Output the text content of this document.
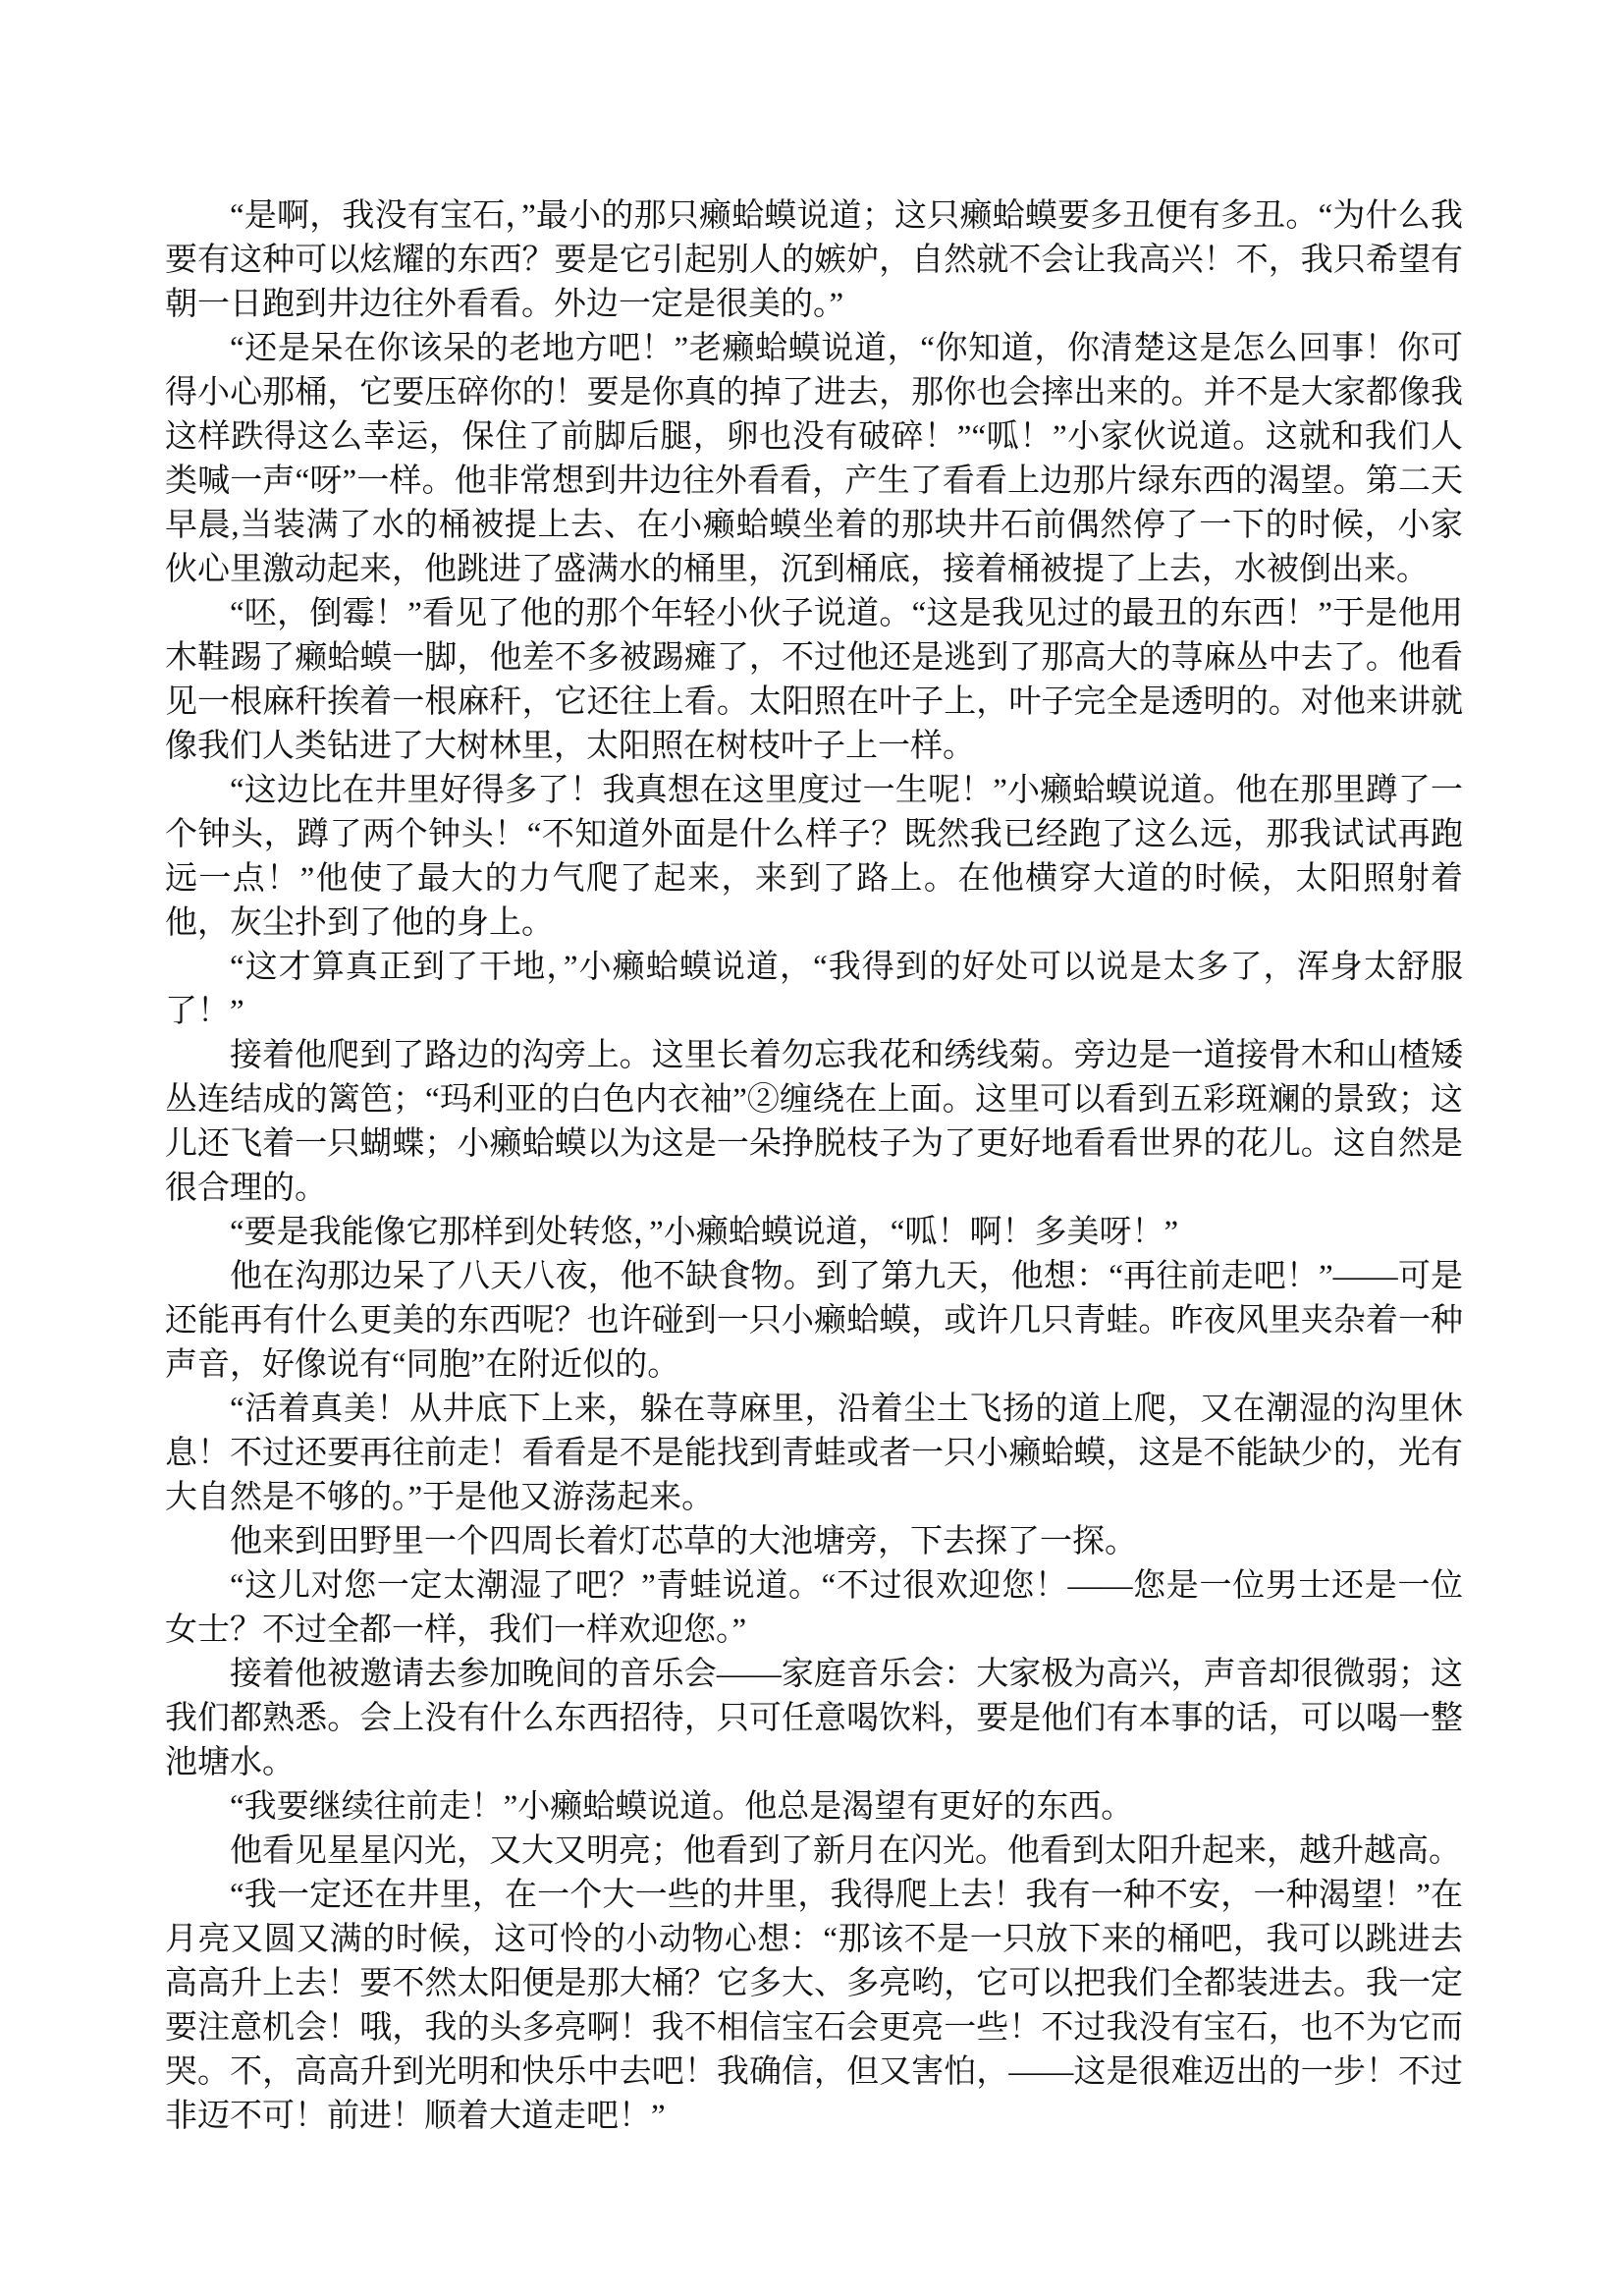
“是啊，我没有宝石，”最小的那只癞蛤蟆说道；这只癞蛤蟆要多丑便有多丑。“为什么我要有这种可以炫耀的东西？要是它引起别人的嫉妒，自然就不会让我高兴！不，我只希望有朝一日跑到井边往外看看。外边一定是很美的。”

“还是呆在你该呆的老地方吧！”老癞蛤蟆说道，“你知道，你清楚这是怎么回事！你可得小心那桶，它要压碎你的！要是你真的掉了进去，那你也会摔出来的。并不是大家都像我这样跌得这么幸运，保住了前脚后腿，卵也没有破碎！”“呱！”小家伙说道。这就和我们人类喊一声“呀”一样。他非常想到井边往外看看，产生了看看上边那片绿东西的渴望。第二天早晨,当装满了水的桶被提上去、在小癞蛤蟆坐着的那块井石前偶然停了一下的时候，小家伙心里激动起来，他跳进了盛满水的桶里，沉到桶底，接着桶被提了上去，水被倒出来。

“呸，倒霉！”看见了他的那个年轻小伙子说道。“这是我见过的最丑的东西！”于是他用木鞋踢了癞蛤蟆一脚，他差不多被踢瘫了，不过他还是逃到了那高大的荨麻丛中去了。他看见一根麻秆挨着一根麻秆，它还往上看。太阳照在叶子上，叶子完全是透明的。对他来讲就像我们人类钻进了大树林里，太阳照在树枝叶子上一样。

“这边比在井里好得多了！我真想在这里度过一生呢！”小癞蛤蟆说道。他在那里蹲了一个钟头，蹲了两个钟头！“不知道外面是什么样子？既然我已经跑了这么远，那我试试再跑远一点！”他使了最大的力气爬了起来，来到了路上。在他横穿大道的时候，太阳照射着他，灰尘扑到了他的身上。

“这才算真正到了干地，”小癞蛤蟆说道，“我得到的好处可以说是太多了，浑身太舒服了！”

接着他爬到了路边的沟旁上。这里长着勿忘我花和绣线菊。旁边是一道接骨木和山楂矮丛连结成的篱笆；“玛利亚的白色内衣袖”②缠绕在上面。这里可以看到五彩斑斓的景致；这儿还飞着一只蝴蝶；小癞蛤蟆以为这是一朵挣脱枝子为了更好地看看世界的花儿。这自然是很合理的。

“要是我能像它那样到处转悠，”小癞蛤蟆说道，“呱！啊！多美呀！”

他在沟那边呆了八天八夜，他不缺食物。到了第九天，他想：“再往前走吧！”——可是还能再有什么更美的东西呢？也许碰到一只小癞蛤蟆，或许几只青蛙。昨夜风里夹杂着一种声音，好像说有“同胞”在附近似的。

“活着真美！从井底下上来，躲在荨麻里，沿着尘土飞扬的道上爬，又在潮湿的沟里休息！不过还要再往前走！看看是不是能找到青蛙或者一只小癞蛤蟆，这是不能缺少的，光有大自然是不够的。”于是他又游荡起来。

他来到田野里一个四周长着灯芯草的大池塘旁，下去探了一探。

“这儿对您一定太潮湿了吧？”青蛙说道。“不过很欢迎您！——您是一位男士还是一位女士？不过全都一样，我们一样欢迎您。”

接着他被邀请去参加晚间的音乐会——家庭音乐会：大家极为高兴，声音却很微弱；这我们都熟悉。会上没有什么东西招待，只可任意喝饮料，要是他们有本事的话，可以喝一整池塘水。

“我要继续往前走！”小癞蛤蟆说道。他总是渴望有更好的东西。

他看见星星闪光，又大又明亮；他看到了新月在闪光。他看到太阳升起来，越升越高。

“我一定还在井里，在一个大一些的井里，我得爬上去！我有一种不安，一种渴望！”在月亮又圆又满的时候，这可怜的小动物心想：“那该不是一只放下来的桶吧，我可以跳进去高高升上去！要不然太阳便是那大桶？它多大、多亮哟，它可以把我们全都装进去。我一定要注意机会！哦，我的头多亮啊！我不相信宝石会更亮一些！不过我没有宝石，也不为它而哭。不，高高升到光明和快乐中去吧！我确信，但又害怕，——这是很难迈出的一步！不过非迈不可！前进！顺着大道走吧！”
